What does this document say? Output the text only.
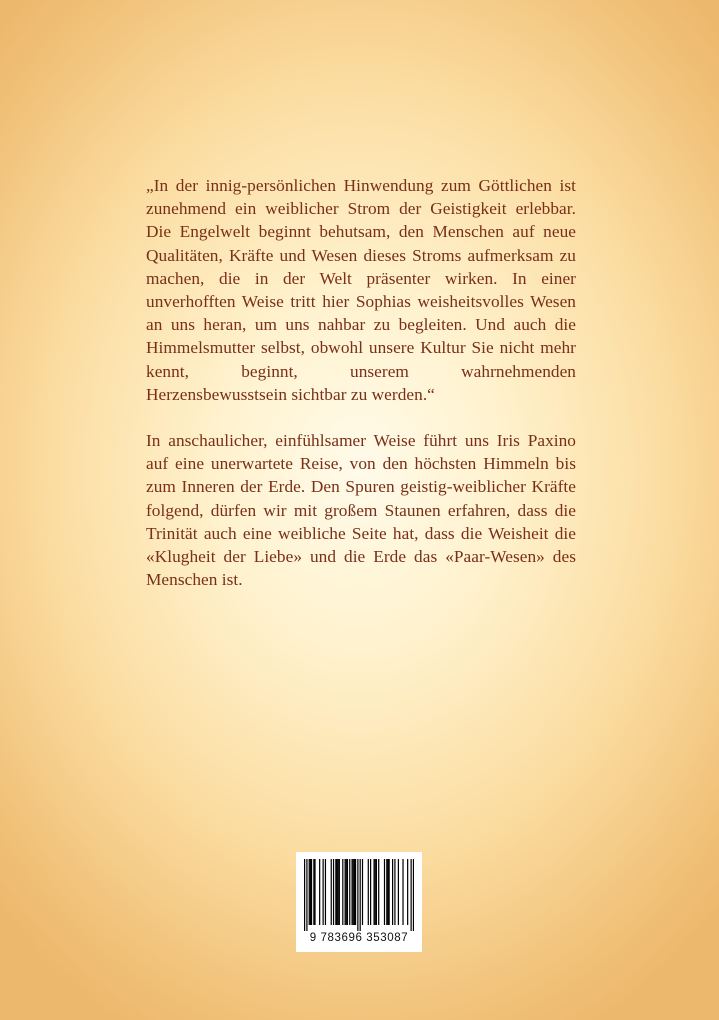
„In der innig-persönlichen Hinwendung zum Göttlichen ist zunehmend ein weiblicher Strom der Geistigkeit erlebbar. Die Engelwelt beginnt behutsam, den Menschen auf neue Qualitäten, Kräfte und Wesen dieses Stroms aufmerksam zu machen, die in der Welt präsenter wirken. In einer unverhofften Weise tritt hier Sophias weisheitsvolles Wesen an uns heran, um uns nahbar zu begleiten. Und auch die Himmelsmutter selbst, obwohl unsere Kultur Sie nicht mehr kennt, beginnt, unserem wahrnehmenden Herzensbewusstsein sichtbar zu werden.“

In anschaulicher, einfühlsamer Weise führt uns Iris Paxino auf eine unerwartete Reise, von den höchsten Himmeln bis zum Inneren der Erde. Den Spuren geistig-weiblicher Kräfte folgend, dürfen wir mit großem Staunen erfahren, dass die Trinität auch eine weibliche Seite hat, dass die Weisheit die «Klugheit der Liebe» und die Erde das «Paar-Wesen» des Menschen ist.

9 783696 353087
